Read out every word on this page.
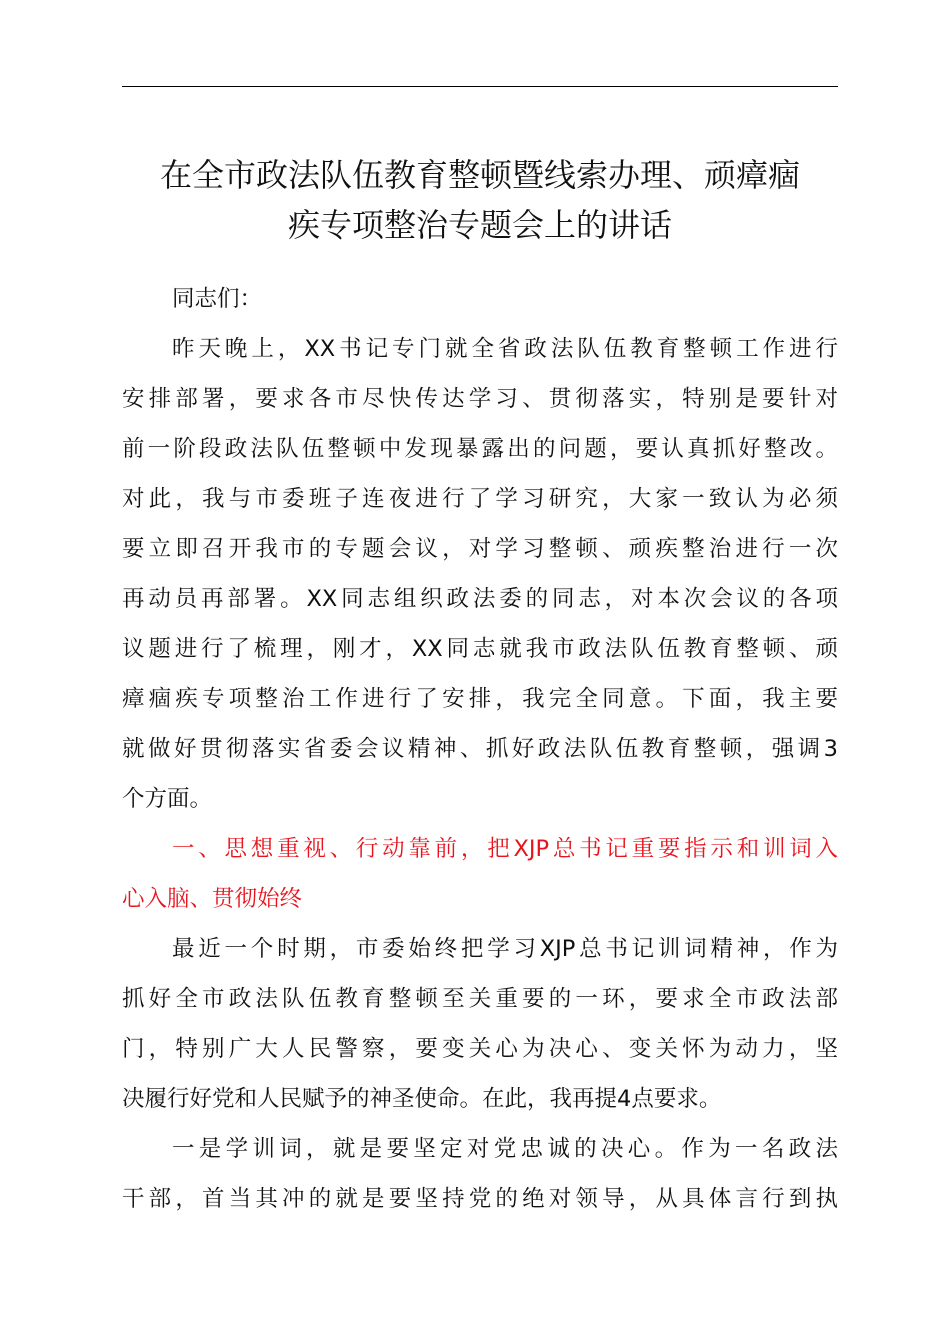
在全市政法队伍教育整顿暨线索办理、顽瘴痼
疾专项整治专题会上的讲话
同志们：
昨天晚上，XX书记专门就全省政法队伍教育整顿工作进行
安排部署，要求各市尽快传达学习、贯彻落实，特别是要针对
前一阶段政法队伍整顿中发现暴露出的问题，要认真抓好整改。
对此，我与市委班子连夜进行了学习研究，大家一致认为必须
要立即召开我市的专题会议，对学习整顿、顽疾整治进行一次
再动员再部署。XX同志组织政法委的同志，对本次会议的各项
议题进行了梳理，刚才，XX同志就我市政法队伍教育整顿、顽
瘴痼疾专项整治工作进行了安排，我完全同意。下面，我主要
就做好贯彻落实省委会议精神、抓好政法队伍教育整顿，强调3
个方面。
一、思想重视、行动靠前，把XJP总书记重要指示和训词入
心入脑、贯彻始终
最近一个时期，市委始终把学习XJP总书记训词精神，作为
抓好全市政法队伍教育整顿至关重要的一环，要求全市政法部
门，特别广大人民警察，要变关心为决心、变关怀为动力，坚
决履行好党和人民赋予的神圣使命。在此，我再提4点要求。
一是学训词，就是要坚定对党忠诚的决心。作为一名政法
干部，首当其冲的就是要坚持党的绝对领导，从具体言行到执
